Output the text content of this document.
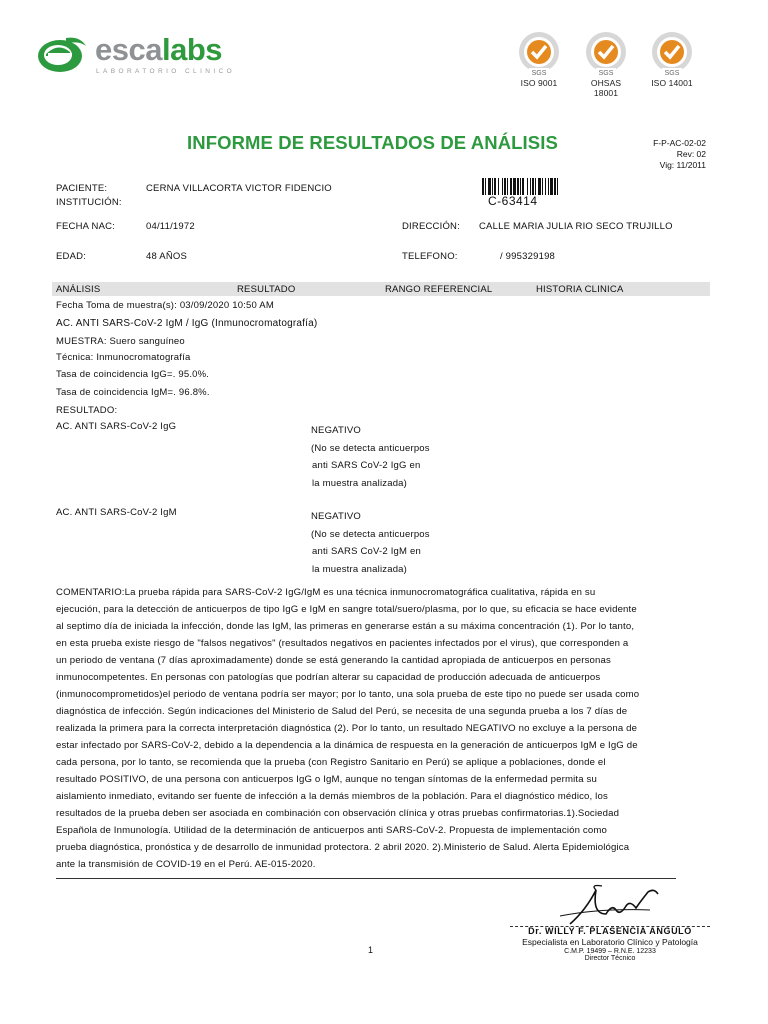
escalabs
LABORATORIO CLINICO	SGS
ISO 9001
SGS
OHSAS 18001
SGS
ISO 14001
INFORME DE RESULTADOS DE ANÁLISIS	F-P-AC-02-02
Rev: 02
Vig: 11/2011
C-63414
PACIENTE:	CERNA VILLACORTA VICTOR FIDENCIO
INSTITUCIÓN:
FECHA NAC:	04/11/1972	DIRECCIÓN: CALLE MARIA JULIA RIO SECO TRUJILLO
EDAD:	48 AÑOS	TELEFONO:	/ 995329198
ANÁLISIS	RESULTADO	RANGO REFERENCIAL	HISTORIA CLINICA
Fecha Toma de muestra(s): 03/09/2020 10:50 AM
AC. ANTI SARS-CoV-2 IgM / IgG (Inmunocromatografía)
MUESTRA: Suero sanguíneo
Técnica: Inmunocromatografía
Tasa de coincidencia IgG=. 95.0%.
Tasa de coincidencia IgM=. 96.8%.
RESULTADO:
AC. ANTI SARS-CoV-2 IgG	NEGATIVO
(No se detecta anticuerpos
anti SARS CoV-2 IgG en
la muestra analizada)
AC. ANTI SARS-CoV-2 IgM	NEGATIVO
(No se detecta anticuerpos
anti SARS CoV-2 IgM en
la muestra analizada)
COMENTARIO:La prueba rápida para SARS-CoV-2 IgG/IgM es una técnica inmunocromatográfica cualitativa, rápida en su
ejecución, para la detección de anticuerpos de tipo IgG e IgM en sangre total/suero/plasma, por lo que, su eficacia se hace evidente
al septimo día de iniciada la infección, donde las IgM, las primeras en generarse están a su máxima concentración (1). Por lo tanto,
en esta prueba existe riesgo de "falsos negativos" (resultados negativos en pacientes infectados por el virus), que corresponden a
un periodo de ventana (7 días aproximadamente) donde se está generando la cantidad apropiada de anticuerpos en personas
inmunocompetentes. En personas con patologías que podrían alterar su capacidad de producción adecuada de anticuerpos
(inmunocomprometidos)el periodo de ventana podría ser mayor; por lo tanto, una sola prueba de este tipo no puede ser usada como
diagnóstica de infección. Según indicaciones del Ministerio de Salud del Perú, se necesita de una segunda prueba a los 7 días de
realizada la primera para la correcta interpretación diagnóstica (2). Por lo tanto, un resultado NEGATIVO no excluye a la persona de
estar infectado por SARS-CoV-2, debido a la dependencia a la dinámica de respuesta en la generación de anticuerpos IgM e IgG de
cada persona, por lo tanto, se recomienda que la prueba (con Registro Sanitario en Perú) se aplique a poblaciones, donde el
resultado POSITIVO, de una persona con anticuerpos IgG o IgM, aunque no tengan síntomas de la enfermedad permita su
aislamiento inmediato, evitando ser fuente de infección a la demás miembros de la población. Para el diagnóstico médico, los
resultados de la prueba deben ser asociada en combinación con observación clínica y otras pruebas confirmatorias.1).Sociedad
Española de Inmunología. Utilidad de la determinación de anticuerpos anti SARS-CoV-2. Propuesta de implementación como
prueba diagnóstica, pronóstica y de desarrollo de inmunidad protectora. 2 abril 2020. 2).Ministerio de Salud. Alerta Epidemiológica
ante la transmisión de COVID-19 en el Perú. AE-015-2020.
Dr. WILLY F. PLASENCIA ANGULO
Especialista en Laboratorio Clínico y Patología
C.M.P. 19499 – R.N.E. 12233
Director Técnico
1
